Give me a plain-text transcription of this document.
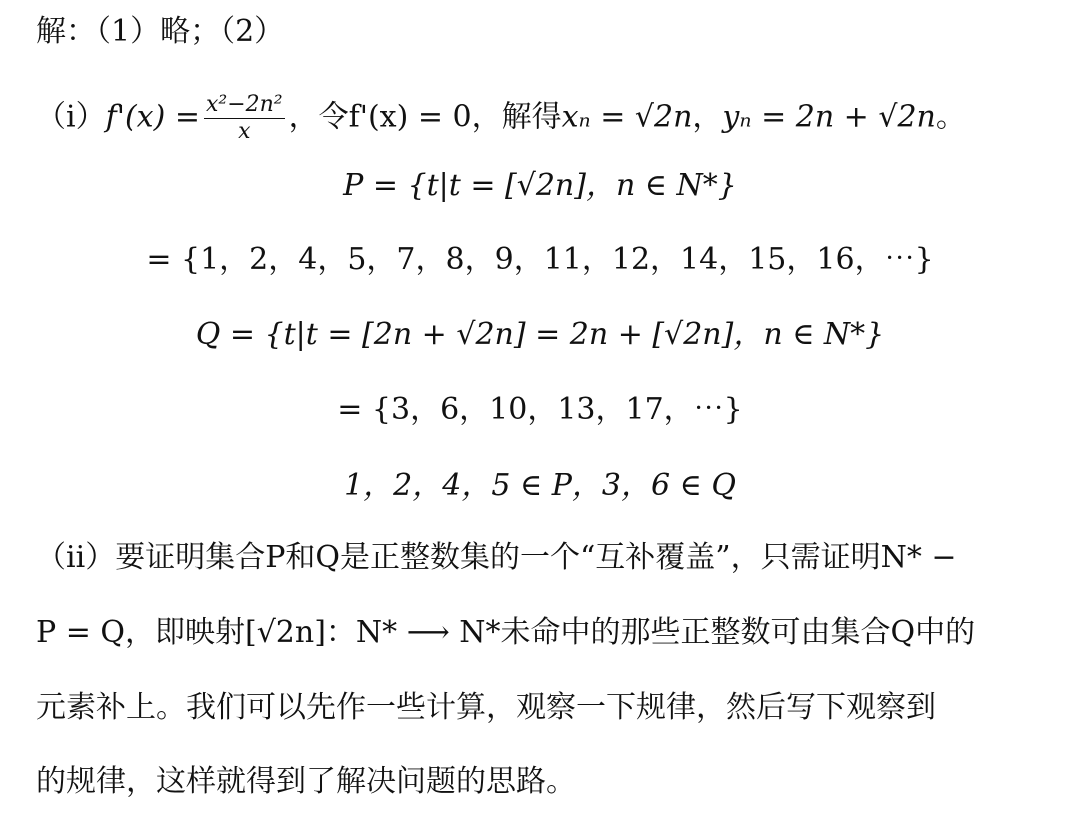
解：（1）略；（2）
$(i)f'(x) = \frac{\text{x²−2n²}}{x}$ ，令f'(x) = 0，解得xₙ = √2n，yₙ = 2n + √2n。
P = {t|t = [√2n]，n ∈ N*}
= {1，2，4，5，7，8，9，11，12，14，15，16，⋯}
Q = {t|t = [2n + √2n] = 2n + [√2n]，n ∈ N*}
= {3，6，10，13，17，⋯}
1，2，4，5 ∈ P，3，6 ∈ Q
（ii）要证明集合P和Q是正整数集的一个“互补覆盖”，只需证明N* −
P = Q，即映射[√2n]：N* ⟶ N*未命中的那些正整数可由集合Q中的
元素补上。我们可以先作一些计算，观察一下规律，然后写下观察到
的规律，这样就得到了解决问题的思路。
